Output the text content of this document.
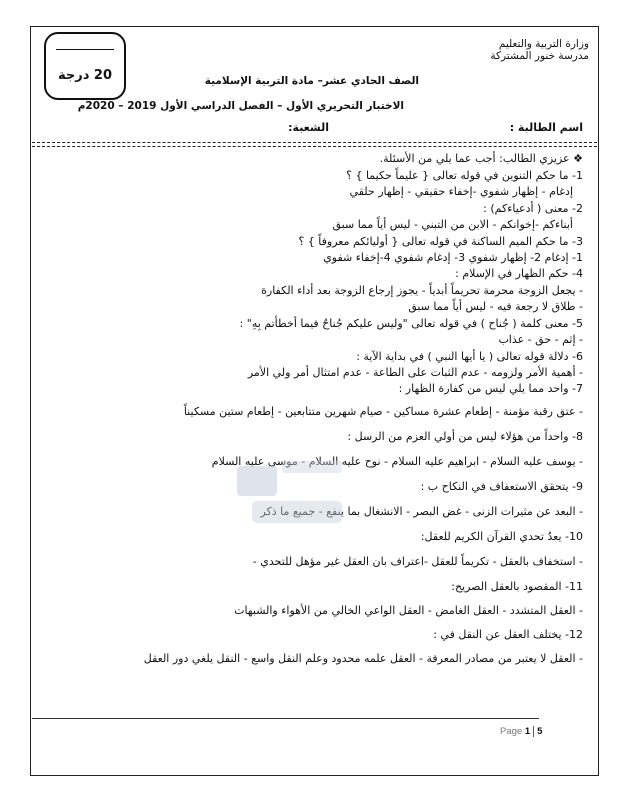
وزارة التربية والتعليم
مدرسة خنور المشتركة
20 درجة	الصف الحادي عشر– مادة التربية الإسلامية
الاختبار التحريري الأول – الفصل الدراسي الأول 2019 – 2020م
اسم الطالبة :
الشعبة:
❖ عزيزي الطالب: أجب عما يلي من الأسئلة.
1- ما حكم التنوين في قوله تعالى { عليماً حكيما } ؟
إدغام - إظهار شفوي -إخفاء حقيقي - إظهار حلقي
2- معنى ( أدعياءكم) :
أبناءكم -إخوانكم - الابن من التبني - ليس أياً مما سبق
3- ما حكم الميم الساكنة في قوله تعالى { أوليائكم معروفاً } ؟
1- إدغام 2- إظهار شفوي 3- إدغام شفوي 4-إخفاء شفوي
4- حكم الظهار في الإسلام :
- يجعل الزوجة محرمة تحريماً أبدياً - يجوز إرجاع الزوجة بعد أداء الكفارة
- طلاق لا رجعة فيه - ليس أياً مما سبق
5- معنى كلمة ( جُناح ) في قوله تعالى "وليس عليكم جُناحٌ فيما أخطأتم بِهِ" :
- إثم - حق - عذاب
6- دلالة قوله تعالى ( يا أيها النبي ) في بداية الآية :
- أهمية الأمر ولزومه - عدم الثبات على الطاعة - عدم امتثال أمر ولي الأمر
7- واحد مما يلي ليس من كفارة الظهار :
- عتق رقبة مؤمنة - إطعام عشرة مساكين - صيام شهرين متتابعين - إطعام ستين مسكيناً
8- واحداً من هؤلاء ليس من أولي العزم من الرسل :
- يوسف عليه السلام - ابراهيم عليه السلام - نوح عليه السلام - موسى عليه السلام
9- يتحقق الاستعفاف في النكاح ب :
- البعد عن مثيرات الزنى - غض البصر - الانشغال بما ينفع - جميع ما ذكر
10- يعدُ تحدي القرآن الكريم للعقل:
- استخفاف بالعقل - تكريماً للعقل -اعتراف بان العقل غير مؤهل للتحدي -
11- المقصود بالعقل الصريح:
- العقل المتشدد - العقل الغامض - العقل الواعي الخالي من الأهواء والشبهات
12- يختلف العقل عن النقل في :
- العقل لا يعتبر من مصادر المعرفة - العقل علمه محدود وعلم النقل واسع - النقل يلغي دور العقل
Page 1 5
